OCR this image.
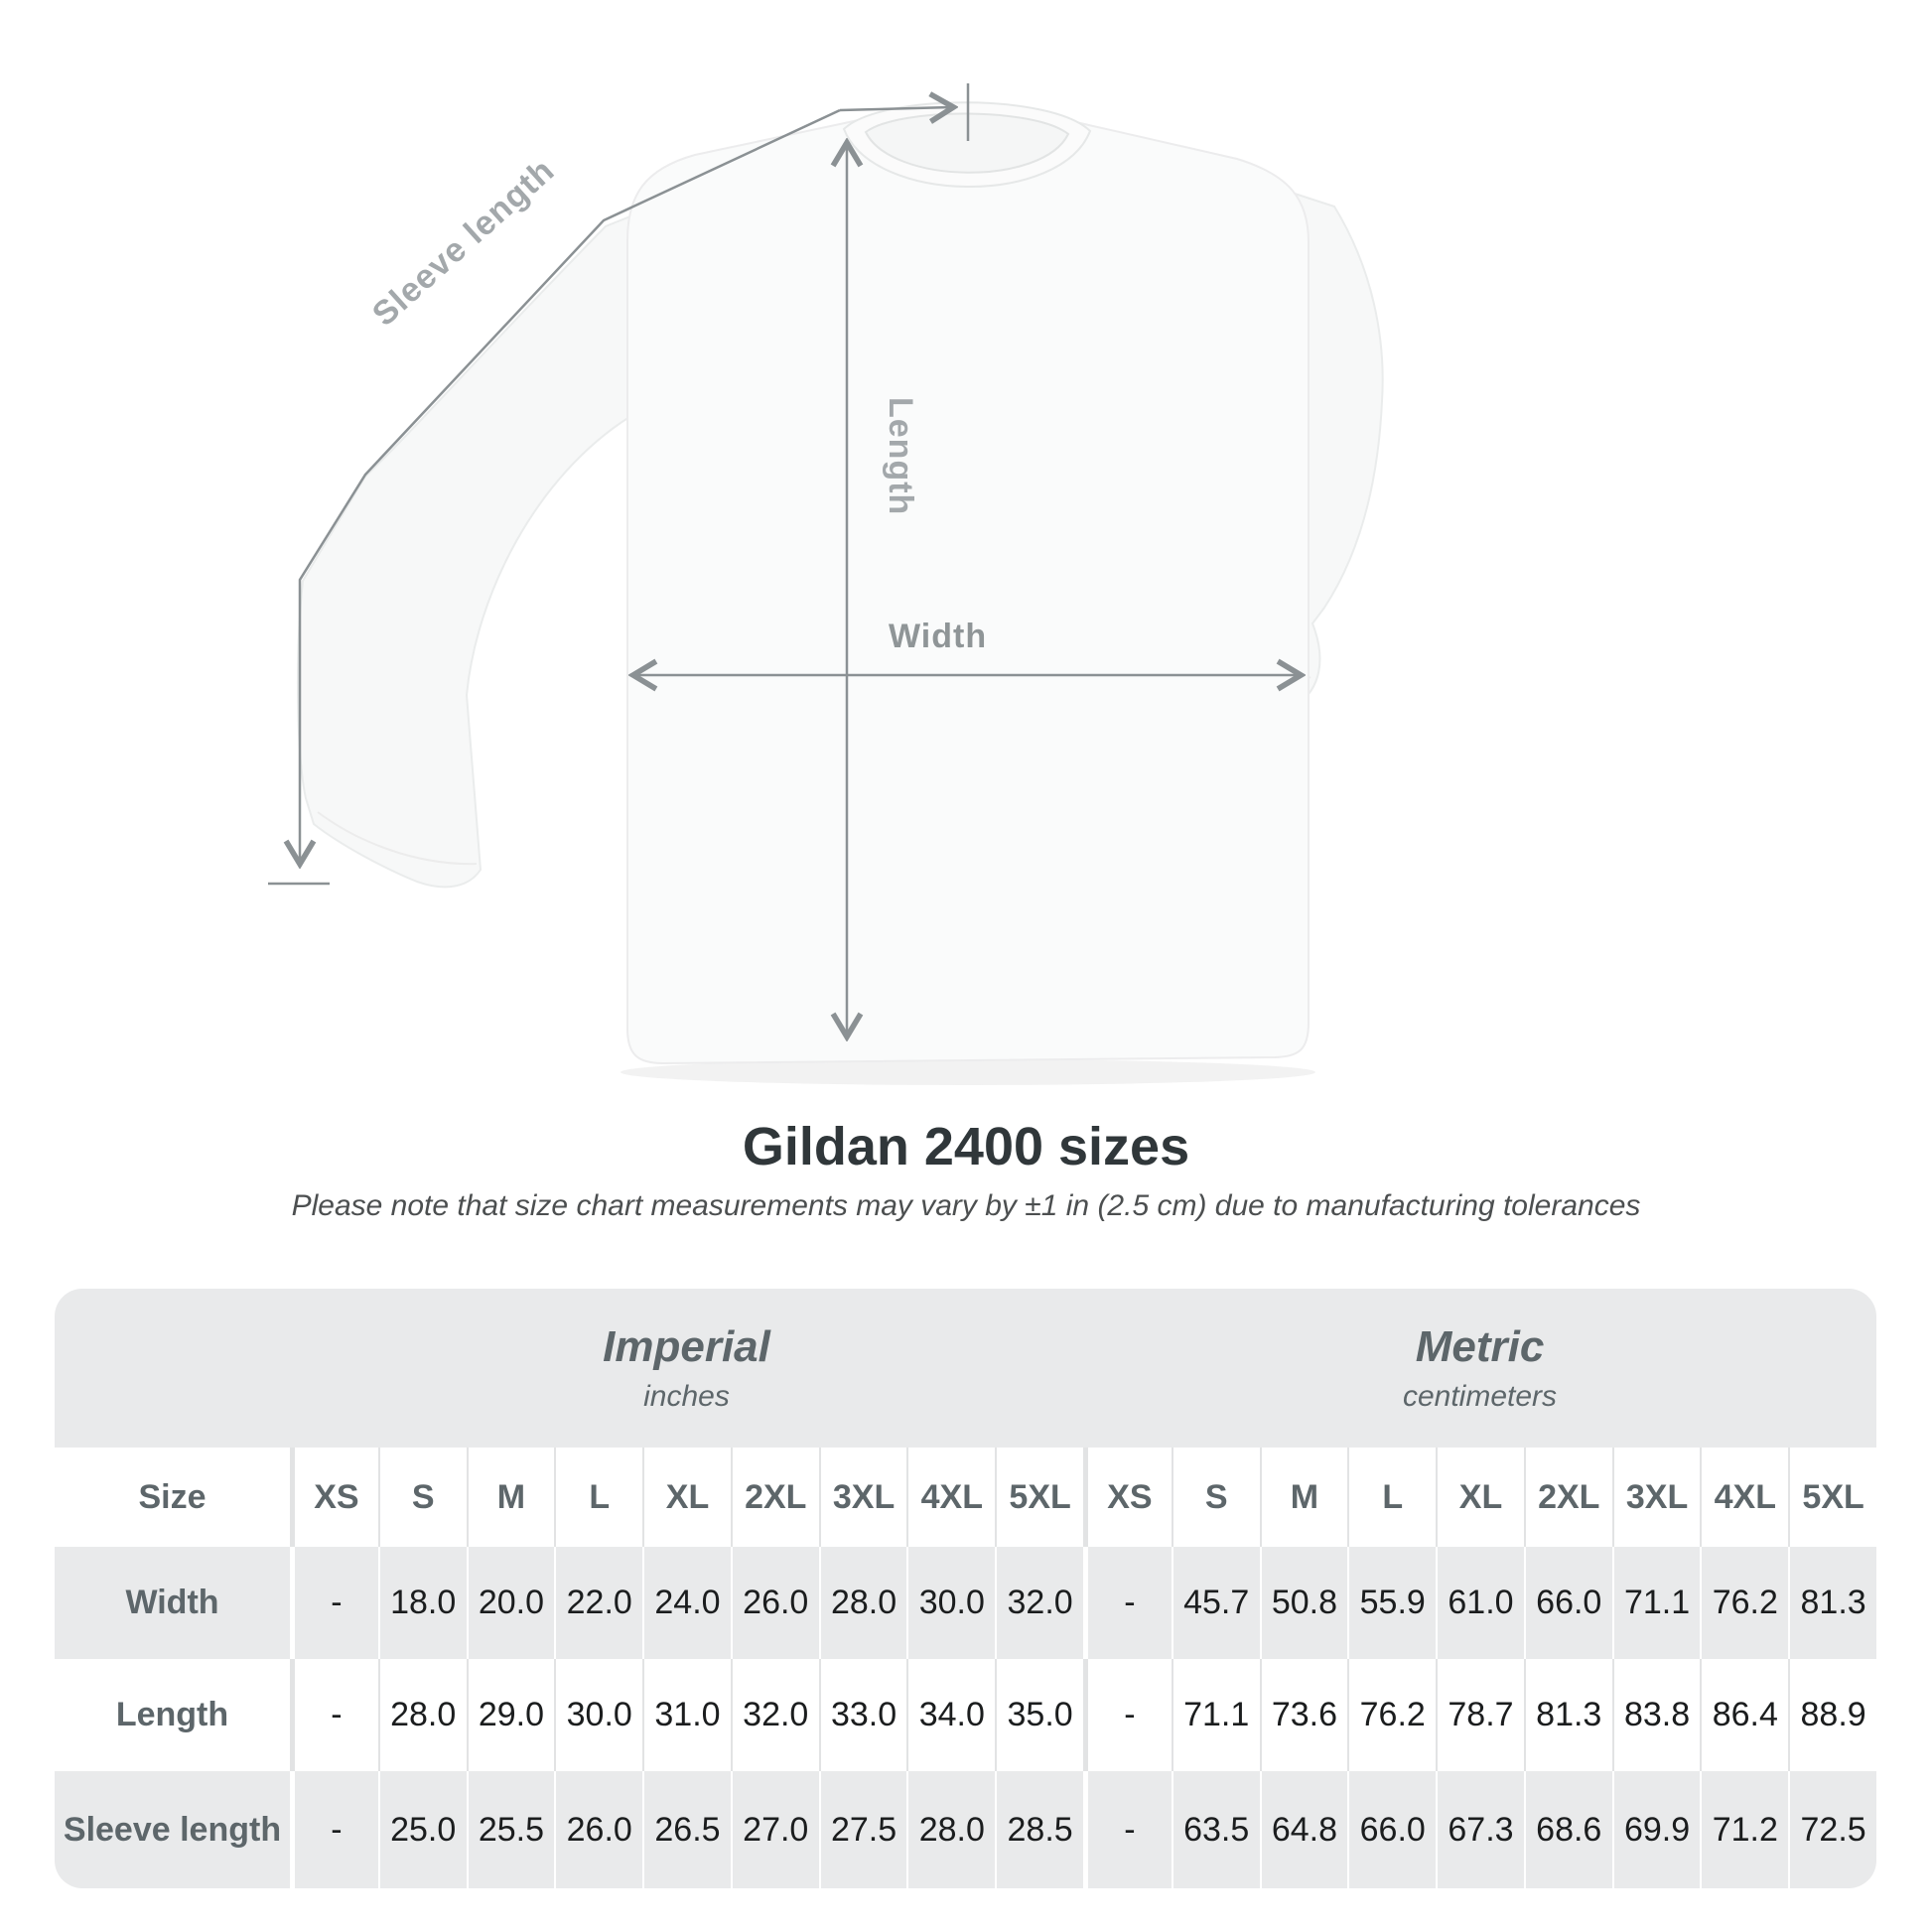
Sleeve length
Length
Width
Gildan 2400 sizes

Please note that size chart measurements may vary by ±1 in (2.5 cm) due to manufacturing tolerances

Imperial
inches
Metric
centimeters
Size	XS	S	M	L	XL	2XL 3XL 4XL 5XL	XS	S	M	L	XL	2XL 3XL 4XL 5XL
Width	-	18.0 20.0 22.0 24.0 26.0 28.0 30.0 32.0	-	45.7 50.8 55.9 61.0 66.0 71.1 76.2 81.3
Length	-	28.0 29.0 30.0 31.0 32.0 33.0 34.0 35.0	-	71.1 73.6 76.2 78.7 81.3 83.8 86.4 88.9
Sleeve length	-	25.0 25.5 26.0 26.5 27.0 27.5 28.0 28.5	-	63.5 64.8 66.0 67.3 68.6 69.9 71.2 72.5
